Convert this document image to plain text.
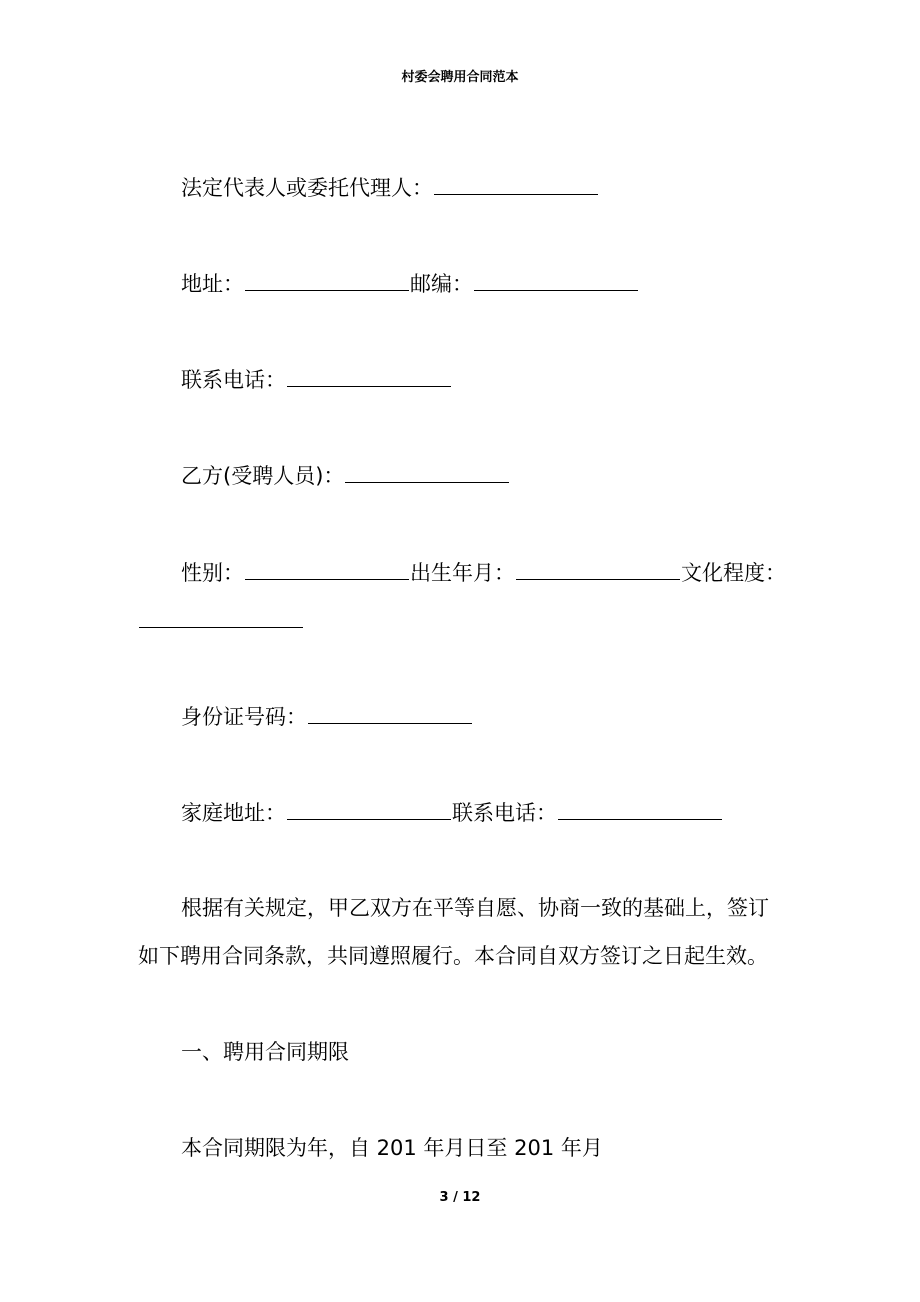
村委会聘用合同范本
法定代表人或委托代理人：
地址：	邮编：
联系电话：
乙方(受聘人员)：
性别：	出生年月：	文化程度：
身份证号码：
家庭地址：	联系电话：
根据有关规定，甲乙双方在平等自愿、协商一致的基础上，签订
如下聘用合同条款，共同遵照履行。本合同自双方签订之日起生效。
一、聘用合同期限
本合同期限为年，自 201 年月日至 201 年月
3 / 12
